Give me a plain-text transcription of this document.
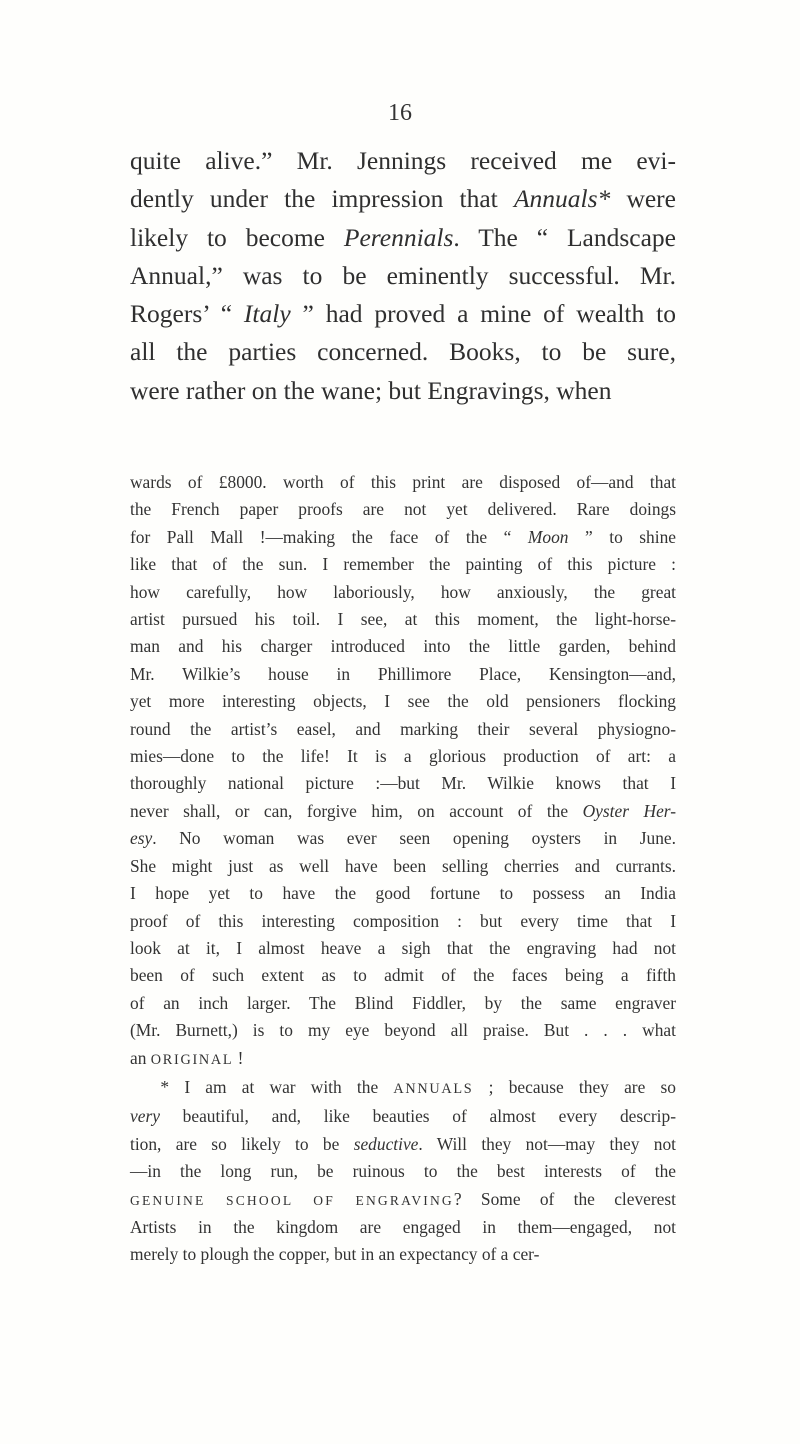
16
quite alive.” Mr. Jennings received me evi-
dently under the impression that Annuals* were
likely to become Perennials. The “ Landscape
Annual,” was to be eminently successful. Mr.
Rogers’ “ Italy ” had proved a mine of wealth to
all the parties concerned. Books, to be sure,
were rather on the wane; but Engravings, when
wards of £8000. worth of this print are disposed of—and that
the French paper proofs are not yet delivered. Rare doings
for Pall Mall !—making the face of the “ Moon ” to shine
like that of the sun. I remember the painting of this picture :
how carefully, how laboriously, how anxiously, the great
artist pursued his toil. I see, at this moment, the light-horse-
man and his charger introduced into the little garden, behind
Mr. Wilkie’s house in Phillimore Place, Kensington—and,
yet more interesting objects, I see the old pensioners flocking
round the artist’s easel, and marking their several physiogno-
mies—done to the life! It is a glorious production of art: a
thoroughly national picture :—but Mr. Wilkie knows that I
never shall, or can, forgive him, on account of the Oyster Her-
esy. No woman was ever seen opening oysters in June.
She might just as well have been selling cherries and currants.
I hope yet to have the good fortune to possess an India
proof of this interesting composition : but every time that I
look at it, I almost heave a sigh that the engraving had not
been of such extent as to admit of the faces being a fifth
of an inch larger. The Blind Fiddler, by the same engraver
(Mr. Burnett,) is to my eye beyond all praise. But . . . what
an ORIGINAL !
* I am at war with the ANNUALS ; because they are so
very beautiful, and, like beauties of almost every descrip-
tion, are so likely to be seductive. Will they not—may they not
—in the long run, be ruinous to the best interests of the
GENUINE SCHOOL OF ENGRAVING? Some of the cleverest
Artists in the kingdom are engaged in them—engaged, not
merely to plough the copper, but in an expectancy of a cer-
